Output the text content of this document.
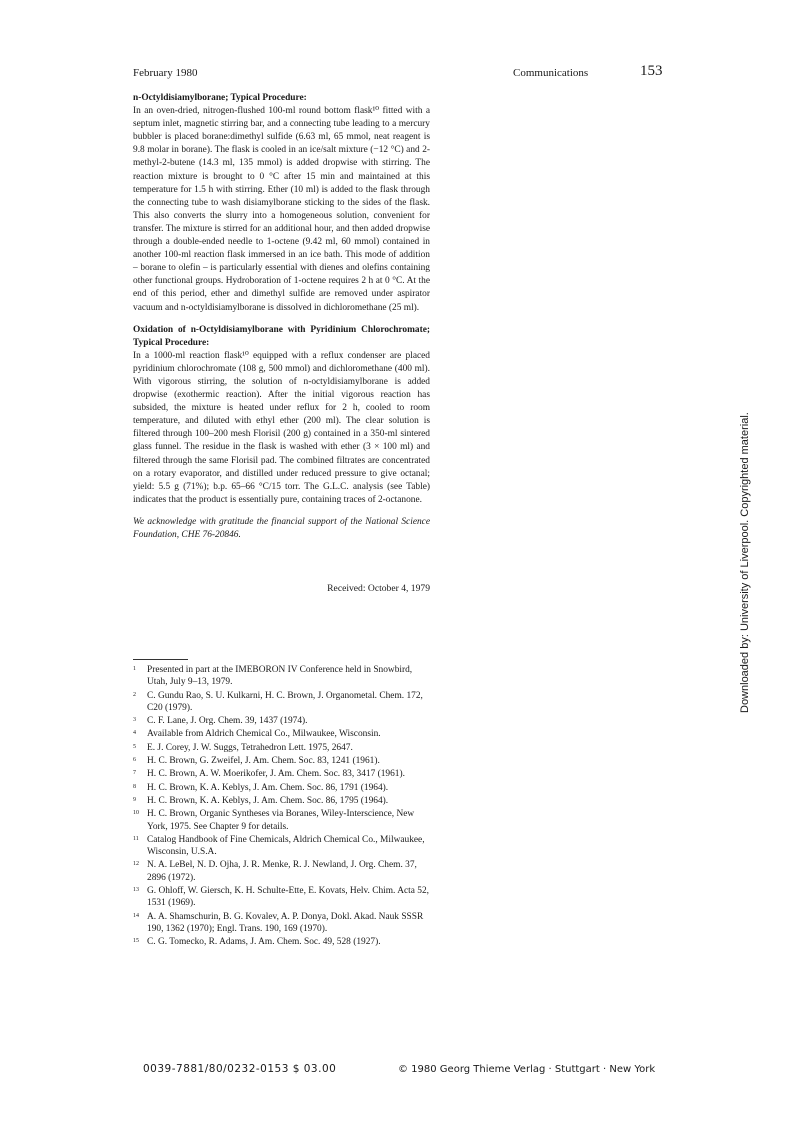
February 1980	Communications	153
n-Octyldisiamylborane; Typical Procedure:

In an oven-dried, nitrogen-flushed 100-ml round bottom flask¹⁰ fitted with a septum inlet, magnetic stirring bar, and a connecting tube leading to a mercury bubbler is placed borane:dimethyl sulfide (6.63 ml, 65 mmol, neat reagent is 9.8 molar in borane). The flask is cooled in an ice/salt mixture (−12 °C) and 2-methyl-2-butene (14.3 ml, 135 mmol) is added dropwise with stirring. The reaction mixture is brought to 0 °C after 15 min and maintained at this temperature for 1.5 h with stirring. Ether (10 ml) is added to the flask through the connecting tube to wash disiamylborane sticking to the sides of the flask. This also converts the slurry into a homogeneous solution, convenient for transfer. The mixture is stirred for an additional hour, and then added dropwise through a double-ended needle to 1-octene (9.42 ml, 60 mmol) contained in another 100-ml reaction flask immersed in an ice bath. This mode of addition – borane to olefin – is particularly essential with dienes and olefins containing other functional groups. Hydroboration of 1-octene requires 2 h at 0 °C. At the end of this period, ether and dimethyl sulfide are removed under aspirator vacuum and n-octyldisiamylborane is dissolved in dichloromethane (25 ml).

Oxidation of n-Octyldisiamylborane with Pyridinium Chlorochromate; Typical Procedure:

In a 1000-ml reaction flask¹⁰ equipped with a reflux condenser are placed pyridinium chlorochromate (108 g, 500 mmol) and dichloromethane (400 ml). With vigorous stirring, the solution of n-octyldisiamylborane is added dropwise (exothermic reaction). After the initial vigorous reaction has subsided, the mixture is heated under reflux for 2 h, cooled to room temperature, and diluted with ethyl ether (200 ml). The clear solution is filtered through 100–200 mesh Florisil (200 g) contained in a 350-ml sintered glass funnel. The residue in the flask is washed with ether (3 × 100 ml) and filtered through the same Florisil pad. The combined filtrates are concentrated on a rotary evaporator, and distilled under reduced pressure to give octanal; yield: 5.5 g (71%); b.p. 65–66 °C/15 torr. The G.L.C. analysis (see Table) indicates that the product is essentially pure, containing traces of 2-octanone.

We acknowledge with gratitude the financial support of the National Science Foundation, CHE 76-20846.

Received: October 4, 1979
1	Presented in part at the IMEBORON IV Conference held in Snowbird, Utah, July 9–13, 1979.
2	C. Gundu Rao, S. U. Kulkarni, H. C. Brown, J. Organometal. Chem. 172, C20 (1979).
3	C. F. Lane, J. Org. Chem. 39, 1437 (1974).
4	Available from Aldrich Chemical Co., Milwaukee, Wisconsin.
5	E. J. Corey, J. W. Suggs, Tetrahedron Lett. 1975, 2647.
6	H. C. Brown, G. Zweifel, J. Am. Chem. Soc. 83, 1241 (1961).
7	H. C. Brown, A. W. Moerikofer, J. Am. Chem. Soc. 83, 3417 (1961).
8	H. C. Brown, K. A. Keblys, J. Am. Chem. Soc. 86, 1791 (1964).
9	H. C. Brown, K. A. Keblys, J. Am. Chem. Soc. 86, 1795 (1964).
10 H. C. Brown, Organic Syntheses via Boranes, Wiley-Interscience, New York, 1975. See Chapter 9 for details.
11 Catalog Handbook of Fine Chemicals, Aldrich Chemical Co., Milwaukee, Wisconsin, U.S.A.
12 N. A. LeBel, N. D. Ojha, J. R. Menke, R. J. Newland, J. Org. Chem. 37, 2896 (1972).
13 G. Ohloff, W. Giersch, K. H. Schulte-Ette, E. Kovats, Helv. Chim. Acta 52, 1531 (1969).
14 A. A. Shamschurin, B. G. Kovalev, A. P. Donya, Dokl. Akad. Nauk SSSR 190, 1362 (1970); Engl. Trans. 190, 169 (1970).
15 C. G. Tomecko, R. Adams, J. Am. Chem. Soc. 49, 528 (1927).
0039-7881/80/0232-0153 $ 03.00	© 1980 Georg Thieme Verlag · Stuttgart · New York
Downloaded by: University of Liverpool. Copyrighted material.
